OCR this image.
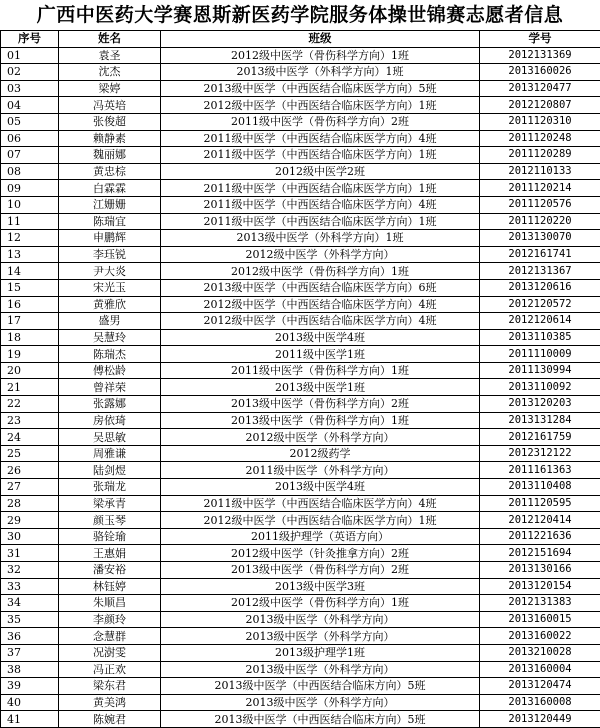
广西中医药大学赛恩斯新医药学院服务体操世锦赛志愿者信息
序号	姓名	班级	学号
01	袁圣	2012级中医学（骨伤科学方向）1班	2012131369
02	沈杰	2013级中医学（外科学方向）1班	2013160026
03	梁婷	2013级中医学（中西医结合临床医学方向）5班	2013120477
04	冯英培	2012级中医学（中西医结合临床医学方向）1班	2012120807
05	张俊超	2011级中医学（骨伤科学方向）2班	2011120310
06	赖静素	2011级中医学（中西医结合临床医学方向）4班	2011120248
07	魏丽娜	2011级中医学（中西医结合临床医学方向）1班	2011120289
08	黄忠棕	2012级中医学2班	2012110133
09	白霖霖	2011级中医学（中西医结合临床医学方向）1班	2011120214
10	江姗姗	2011级中医学（中西医结合临床医学方向）4班	2011120576
11	陈瑞宜	2011级中医学（中西医结合临床医学方向）1班	2011120220
12	申鹏辉	2013级中医学（外科学方向）1班	2013130070
13	李珏锐	2012级中医学（外科学方向）	2012161741
14	尹大炎	2012级中医学（骨伤科学方向）1班	2012131367
15	宋光玉	2013级中医学（中西医结合临床医学方向）6班	2013120616
16	黄雅欣	2012级中医学（中西医结合临床医学方向）4班	2012120572
17	盛男	2012级中医学（中西医结合临床医学方向）4班	2012120614
18	吴慧玲	2013级中医学4班	2013110385
19	陈瑞杰	2011级中医学1班	2011110009
20	傅松龄	2011级中医学（骨伤科学方向）1班	2011130994
21	曾祥荣	2013级中医学1班	2013110092
22	张露娜	2013级中医学（骨伤科学方向）2班	2013120203
23	房依琦	2013级中医学（骨伤科学方向）1班	2013131284
24	吴思敏	2012级中医学（外科学方向）	2012161759
25	周雅谦	2012级药学	2012312122
26	陆剑煜	2011级中医学（外科学方向）	2011161363
27	张瑞龙	2013级中医学4班	2013110408
28	梁承青	2011级中医学（中西医结合临床医学方向）4班	2011120595
29	颜玉琴	2012级中医学（中西医结合临床医学方向）1班	2012120414
30	骆铨瑜	2011级护理学（英语方向）	2011221636
31	王惠娟	2012级中医学（针灸推拿方向）2班	2012151694
32	潘安裕	2013级中医学（骨伤科学方向）2班	2013130166
33	林钰婷	2013级中医学3班	2013120154
34	朱顺昌	2012级中医学（骨伤科学方向）1班	2012131383
35	李颜玲	2013级中医学（外科学方向）	2013160015
36	念慧群	2013级中医学（外科学方向）	2013160022
37	况澍雯	2013级护理学1班	2013210028
38	冯正欢	2013级中医学（外科学方向）	2013160004
39	梁东君	2013级中医学（中西医结合临床方向）5班	2013120474
40	黄美鸿	2013级中医学（外科学方向）	2013160008
41	陈婉君	2013级中医学（中西医结合临床方向）5班	2013120449
